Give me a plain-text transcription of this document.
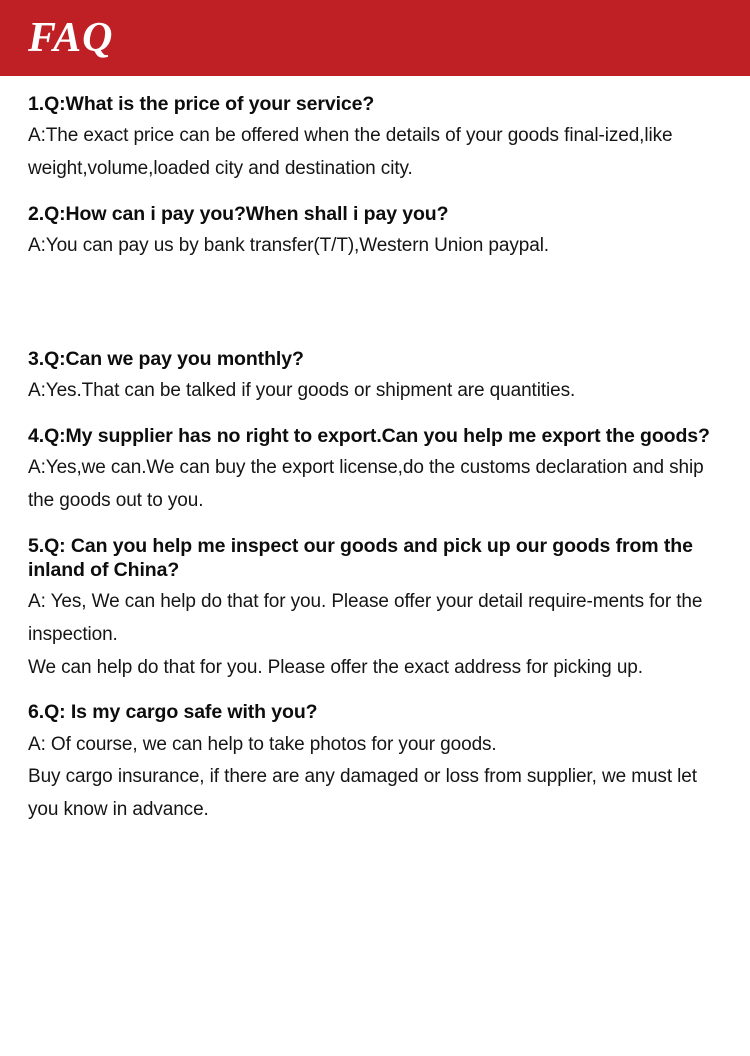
FAQ

1.Q:What is the price of your service?

A:The exact price can be offered when the details of your goods final-ized,like weight,volume,loaded city and destination city.

2.Q:How can i pay you?When shall i pay you?

A:You can pay us by bank transfer(T/T),Western Union paypal.

3.Q:Can we pay you monthly?

A:Yes.That can be talked if your goods or shipment are quantities.

4.Q:My supplier has no right to export.Can you help me export the goods?

A:Yes,we can.We can buy the export license,do the customs declaration and ship the goods out to you.

5.Q: Can you help me inspect our goods and pick up our goods from the inland of China?

A: Yes, We can help do that for you. Please offer your detail require-ments for the inspection.

We can help do that for you. Please offer the exact address for picking up.

6.Q: Is my cargo safe with you?

A: Of course, we can help to take photos for your goods.

Buy cargo insurance, if there are any damaged or loss from supplier, we must let you know in advance.
